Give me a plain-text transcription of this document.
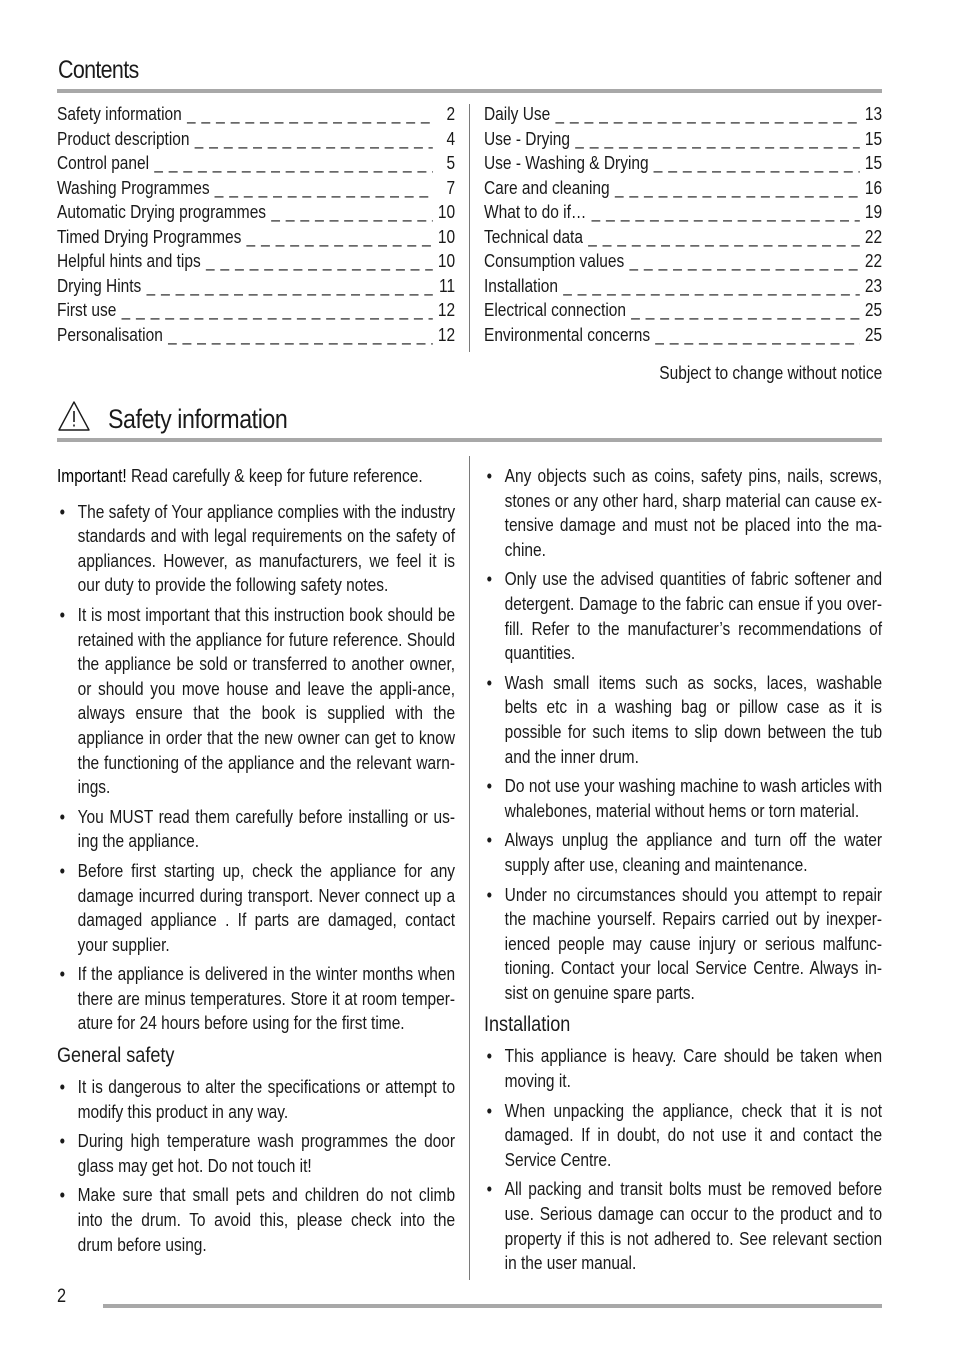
Contents
Safety information _ _ _	2
Product description _ _ _	4
Control panel _ _ _	5
Washing Programmes _ _ _	7
Automatic Drying programmes _ _ _	10
Timed Drying Programmes _ _ _	10
Helpful hints and tips _ _ _	10
Drying Hints _ _ _	11
First use _ _ _	12
Personalisation _ _ _	12
Daily Use _ _ _	13
Use - Drying _ _ _	15
Use - Washing & Drying _ _ _	15
Care and cleaning _ _ _	16
What to do if… _ _ _	19
Technical data _ _ _	22
Consumption values _ _ _	22
Installation _ _ _	23
Electrical connection _ _ _	25
Environmental concerns _ _ _	25
Subject to change without notice
Safety information

Important! Read carefully & keep for future reference.

• The safety of Your appliance complies with the industry standards and with legal requirements on the safety of appliances. However, as manufacturers, we feel it is our duty to provide the following safety notes.
• It is most important that this instruction book should be retained with the appliance for future reference. Should the appliance be sold or transferred to another owner, or should you move house and leave the appli-ance, always ensure that the book is supplied with the appliance in order that the new owner can get to know the functioning of the appliance and the relevant warn-ings.
• You MUST read them carefully before installing or us-ing the appliance.
• Before first starting up, check the appliance for any damage incurred during transport. Never connect up a damaged appliance . If parts are damaged, contact your supplier.
• If the appliance is delivered in the winter months when there are minus temperatures. Store it at room temper-ature for 24 hours before using for the first time.
General safety
• It is dangerous to alter the specifications or attempt to modify this product in any way.
• During high temperature wash programmes the door glass may get hot. Do not touch it!
• Make sure that small pets and children do not climb into the drum. To avoid this, please check into the drum before using.
• Any objects such as coins, safety pins, nails, screws, stones or any other hard, sharp material can cause ex-tensive damage and must not be placed into the ma-chine.
• Only use the advised quantities of fabric softener and detergent. Damage to the fabric can ensue if you over-fill. Refer to the manufacturer’s recommendations of quantities.
• Wash small items such as socks, laces, washable belts etc in a washing bag or pillow case as it is possible for such items to slip down between the tub and the inner drum.
• Do not use your washing machine to wash articles with whalebones, material without hems or torn material.
• Always unplug the appliance and turn off the water supply after use, cleaning and maintenance.
• Under no circumstances should you attempt to repair the machine yourself. Repairs carried out by inexper-ienced people may cause injury or serious malfunc-tioning. Contact your local Service Centre. Always in-sist on genuine spare parts.
Installation
• This appliance is heavy. Care should be taken when moving it.
• When unpacking the appliance, check that it is not damaged. If in doubt, do not use it and contact the Service Centre.
• All packing and transit bolts must be removed before use. Serious damage can occur to the product and to property if this is not adhered to. See relevant section in the user manual.
2
